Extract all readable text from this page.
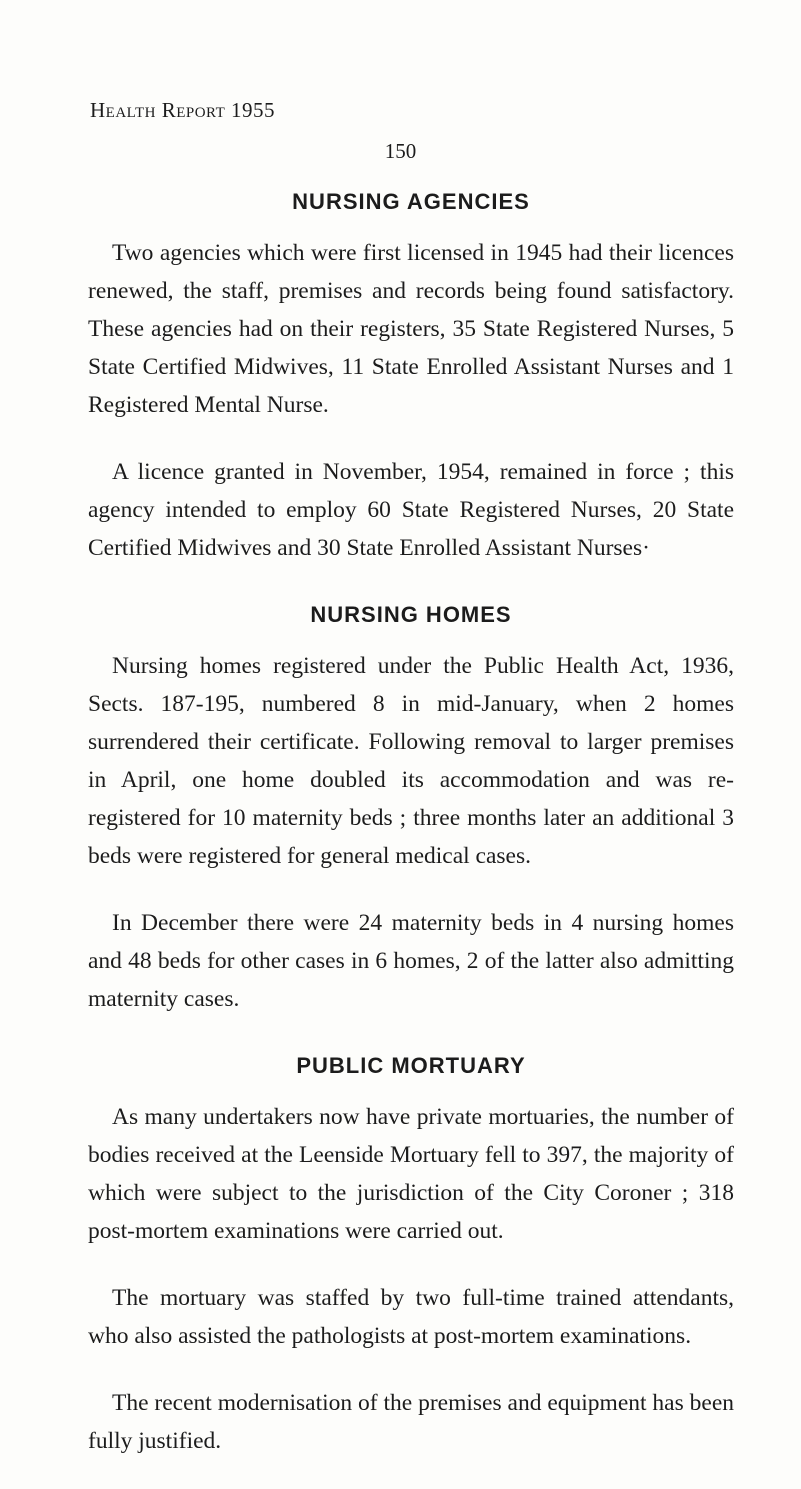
Health Report 1955
150
NURSING AGENCIES

Two agencies which were first licensed in 1945 had their licences renewed, the staff, premises and records being found satisfactory. These agencies had on their registers, 35 State Registered Nurses, 5 State Certified Midwives, 11 State Enrolled Assistant Nurses and 1 Registered Mental Nurse.

A licence granted in November, 1954, remained in force ; this agency intended to employ 60 State Registered Nurses, 20 State Certified Midwives and 30 State Enrolled Assistant Nurses·

NURSING HOMES

Nursing homes registered under the Public Health Act, 1936, Sects. 187-195, numbered 8 in mid-January, when 2 homes surrendered their certificate. Following removal to larger premises in April, one home doubled its accommodation and was re-registered for 10 maternity beds ; three months later an additional 3 beds were registered for general medical cases.

In December there were 24 maternity beds in 4 nursing homes and 48 beds for other cases in 6 homes, 2 of the latter also admitting maternity cases.

PUBLIC MORTUARY

As many undertakers now have private mortuaries, the number of bodies received at the Leenside Mortuary fell to 397, the majority of which were subject to the jurisdiction of the City Coroner ; 318 post-mortem examinations were carried out.

The mortuary was staffed by two full-time trained attendants, who also assisted the pathologists at post-mortem examinations.

The recent modernisation of the premises and equipment has been fully justified.
